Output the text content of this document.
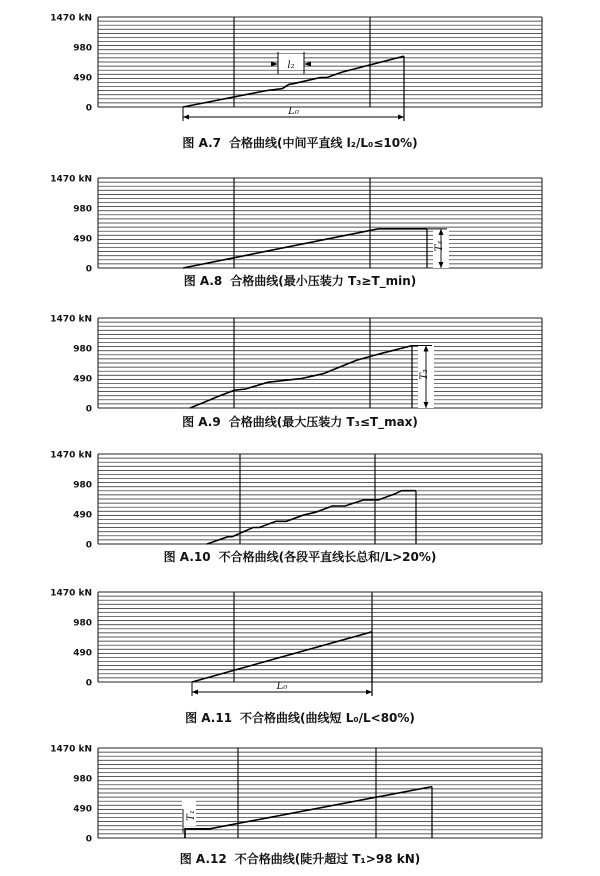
1470 kN
980
490
0
l₂
L₀
1470 kN
980
490
0
T₃
1470 kN
980
490
0
T₃
1470 kN
980
490
0
1470 kN
980
490
0	L₀
1470 kN
980
490
0
T₁
图 A.7 合格曲线(中间平直线 l₂/L₀≤10%)
图 A.8 合格曲线(最小压装力 T₃≥T_min)
图 A.9 合格曲线(最大压装力 T₃≤T_max)
图 A.10 不合格曲线(各段平直线长总和/L>20%)
图 A.11 不合格曲线(曲线短 L₀/L<80%)
图 A.12 不合格曲线(陡升超过 T₁>98 kN)
